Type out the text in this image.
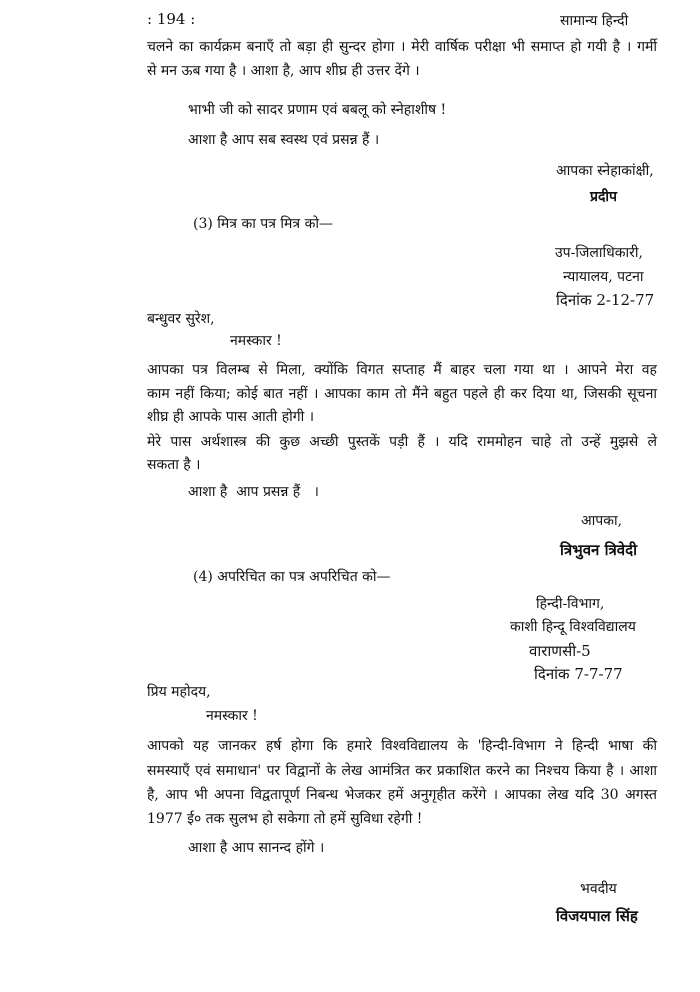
: 194 :	सामान्य हिन्दी
चलने का कार्यक्रम बनाएँ तो बड़ा ही सुन्दर होगा । मेरी वार्षिक परीक्षा भी समाप्त हो गयी है । गर्मी
से मन ऊब गया है । आशा है, आप शीघ्र ही उत्तर देंगे ।
भाभी जी को सादर प्रणाम एवं बबलू को स्नेहाशीष !
आशा है आप सब स्वस्थ एवं प्रसन्न हैं ।
आपका स्नेहाकांक्षी,
प्रदीप
(3) मित्र का पत्र मित्र को—
उप-जिलाधिकारी,
न्यायालय, पटना
दिनांक 2-12-77
बन्धुवर सुरेश,
नमस्कार !
आपका पत्र विलम्ब से मिला, क्योंकि विगत सप्ताह मैं बाहर चला गया था । आपने मेरा वह
काम नहीं किया; कोई बात नहीं । आपका काम तो मैंने बहुत पहले ही कर दिया था, जिसकी सूचना
शीघ्र ही आपके पास आती होगी ।
मेरे पास अर्थशास्त्र की कुछ अच्छी पुस्तकें पड़ी हैं । यदि राममोहन चाहे तो उन्हें मुझसे ले
सकता है ।
आशा है  आप प्रसन्न हैं   ।
आपका,
त्रिभुवन त्रिवेदी
(4) अपरिचित का पत्र अपरिचित को—
हिन्दी-विभाग,
काशी हिन्दू विश्वविद्यालय
वाराणसी-5
दिनांक 7-7-77
प्रिय महोदय,
नमस्कार !
आपको यह जानकर हर्ष होगा कि हमारे विश्वविद्यालय के 'हिन्दी-विभाग ने हिन्दी भाषा की
समस्याएँ एवं समाधान' पर विद्वानों के लेख आमंत्रित कर प्रकाशित करने का निश्चय किया है । आशा
है, आप भी अपना विद्वतापूर्ण निबन्ध भेजकर हमें अनुगृहीत करेंगे । आपका लेख यदि 30 अगस्त
1977 ई० तक सुलभ हो सकेगा तो हमें सुविधा रहेगी !
आशा है आप सानन्द होंगे ।
भवदीय
विजयपाल सिंह
